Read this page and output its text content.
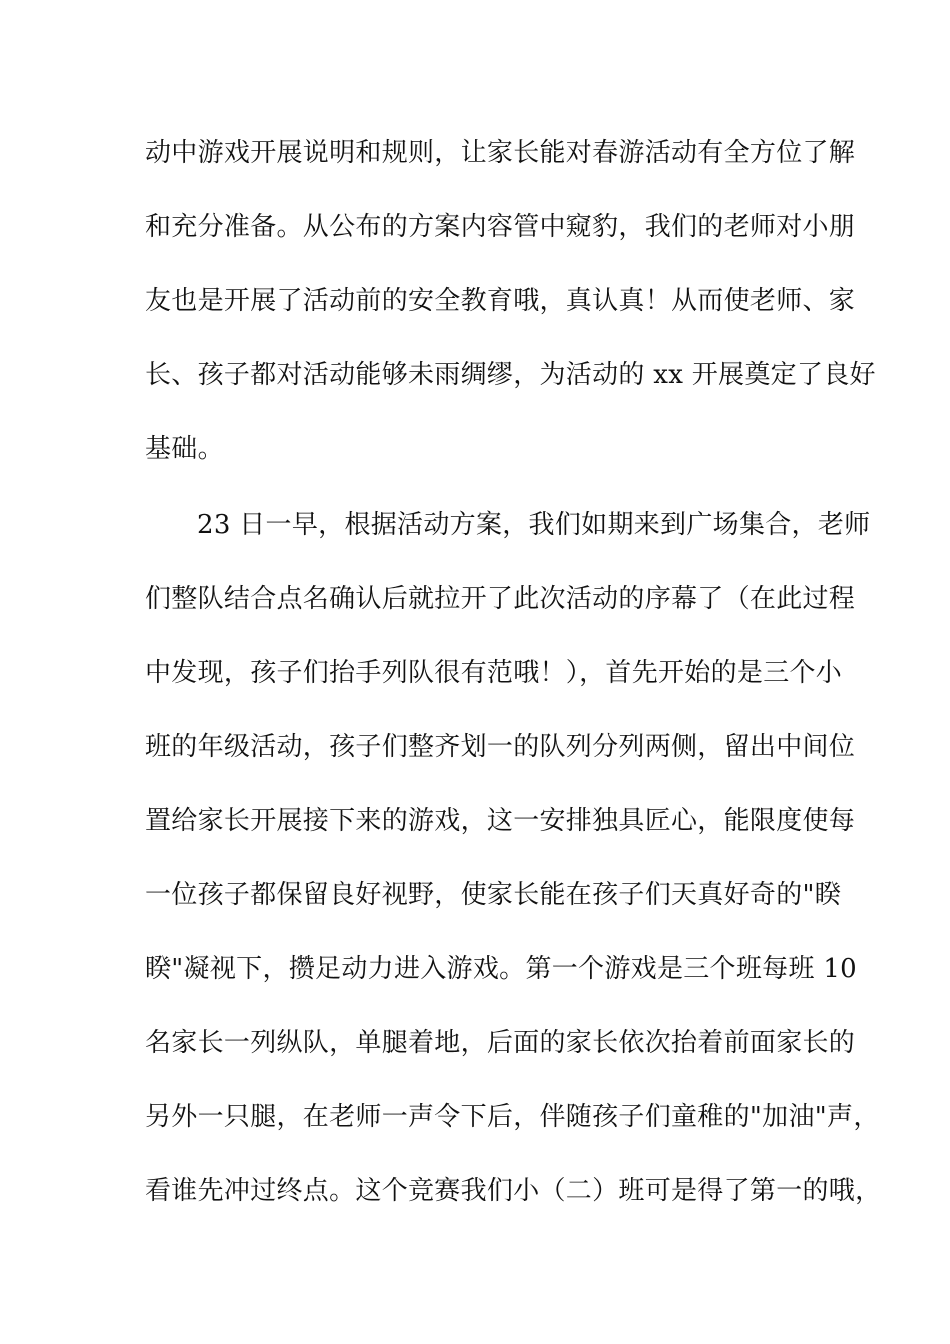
动中游戏开展说明和规则，让家长能对春游活动有全方位了解
和充分准备。从公布的方案内容管中窥豹，我们的老师对小朋
友也是开展了活动前的安全教育哦，真认真！从而使老师、家
长、孩子都对活动能够未雨绸缪，为活动的 xx 开展奠定了良好
基础。
23 日一早，根据活动方案，我们如期来到广场集合，老师
们整队结合点名确认后就拉开了此次活动的序幕了（在此过程
中发现，孩子们抬手列队很有范哦！），首先开始的是三个小
班的年级活动，孩子们整齐划一的队列分列两侧，留出中间位
置给家长开展接下来的游戏，这一安排独具匠心，能限度使每
一位孩子都保留良好视野，使家长能在孩子们天真好奇的"睽
睽"凝视下，攒足动力进入游戏。第一个游戏是三个班每班 10
名家长一列纵队，单腿着地，后面的家长依次抬着前面家长的
另外一只腿，在老师一声令下后，伴随孩子们童稚的"加油"声，
看谁先冲过终点。这个竞赛我们小（二）班可是得了第一的哦，
